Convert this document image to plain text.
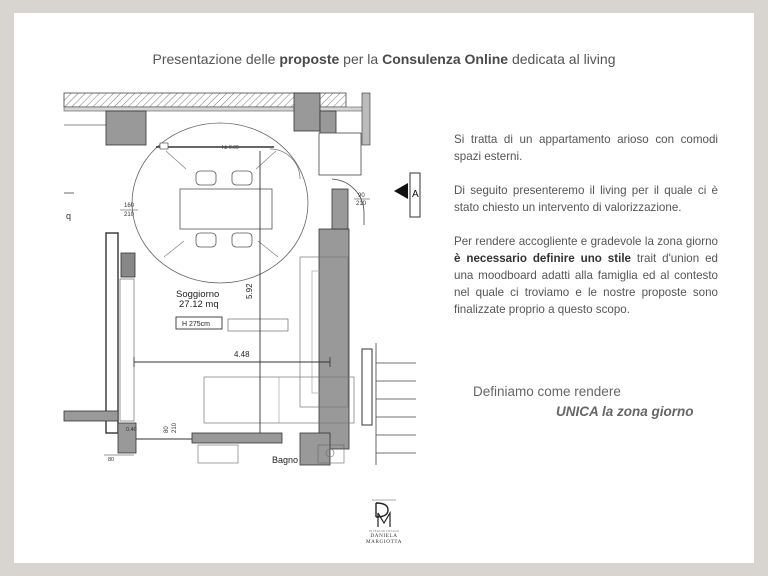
Presentazione delle proposte per la Consulenza Online dedicata al living
hb 0.00
90
210
A
160
210
q
4.48
5.92
Soggiorno
27.12 mq
H 275cm
0.40	80 210
80	Bagno

Si tratta di un appartamento arioso con comodi spazi esterni.

Di seguito presenteremo il living per il quale ci è stato chiesto un intervento di valorizzazione.

Per rendere accogliente e gradevole la zona giorno è necessario definire uno stile trait d'union ed una moodboard adatti alla famiglia ed al contesto nel quale ci troviamo e le nostre proposte sono finalizzate proprio a questo scopo.

Definiamo come rendere
UNICA la zona giorno
INTERIOR DESIGN
DANIELA
MARGIOTTA
